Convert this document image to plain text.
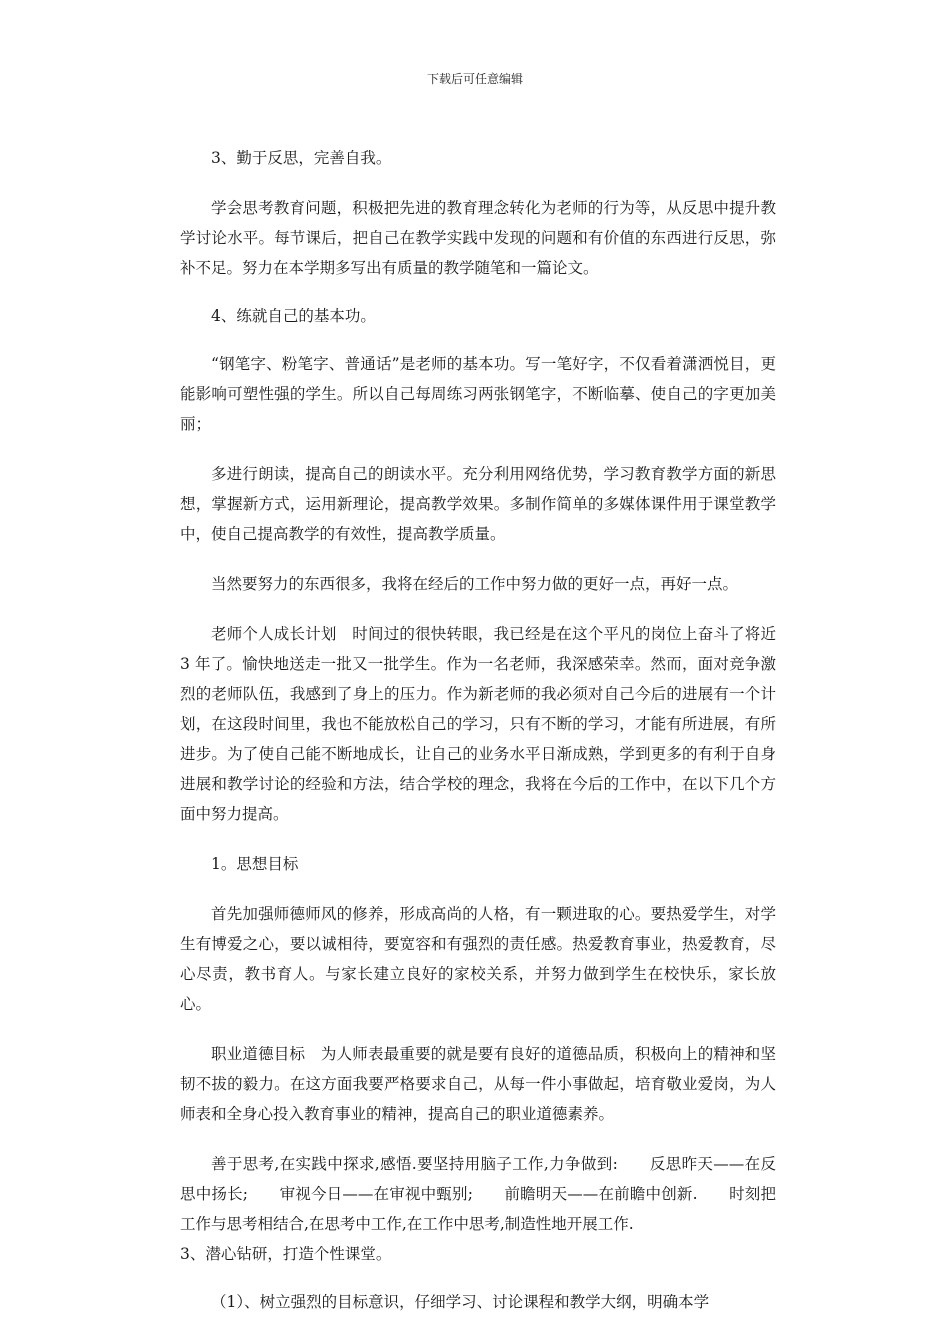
下载后可任意编辑

3、勤于反思，完善自我。

学会思考教育问题，积极把先进的教育理念转化为老师的行为等，从反思中提升教学讨论水平。每节课后，把自己在教学实践中发现的问题和有价值的东西进行反思，弥补不足。努力在本学期多写出有质量的教学随笔和一篇论文。

4、练就自己的基本功。

“钢笔字、粉笔字、普通话”是老师的基本功。写一笔好字，不仅看着潇洒悦目，更能影响可塑性强的学生。所以自己每周练习两张钢笔字，不断临摹、使自己的字更加美丽；

多进行朗读，提高自己的朗读水平。充分利用网络优势，学习教育教学方面的新思想，掌握新方式，运用新理论，提高教学效果。多制作简单的多媒体课件用于课堂教学中，使自己提高教学的有效性，提高教学质量。

当然要努力的东西很多，我将在经后的工作中努力做的更好一点，再好一点。

老师个人成长计划　时间过的很快转眼，我已经是在这个平凡的岗位上奋斗了将近3 年了。愉快地送走一批又一批学生。作为一名老师，我深感荣幸。然而，面对竞争激烈的老师队伍，我感到了身上的压力。作为新老师的我必须对自己今后的进展有一个计划，在这段时间里，我也不能放松自己的学习，只有不断的学习，才能有所进展，有所进步。为了使自己能不断地成长，让自己的业务水平日渐成熟，学到更多的有利于自身进展和教学讨论的经验和方法，结合学校的理念，我将在今后的工作中，在以下几个方面中努力提高。

1。思想目标

首先加强师德师风的修养，形成高尚的人格，有一颗进取的心。要热爱学生，对学生有博爱之心，要以诚相待，要宽容和有强烈的责任感。热爱教育事业，热爱教育，尽心尽责，教书育人。与家长建立良好的家校关系，并努力做到学生在校快乐，家长放心。

职业道德目标　为人师表最重要的就是要有良好的道德品质，积极向上的精神和坚韧不拔的毅力。在这方面我要严格要求自己，从每一件小事做起，培育敬业爱岗，为人师表和全身心投入教育事业的精神，提高自己的职业道德素养。

善于思考,在实践中探求,感悟.要坚持用脑子工作,力争做到:　　反思昨天——在反思中扬长;　　审视今日——在审视中甄别;　　前瞻明天——在前瞻中创新.　　时刻把工作与思考相结合,在思考中工作,在工作中思考,制造性地开展工作.

3、潜心钻研，打造个性课堂。

（1）、树立强烈的目标意识，仔细学习、讨论课程和教学大纲，明确本学
